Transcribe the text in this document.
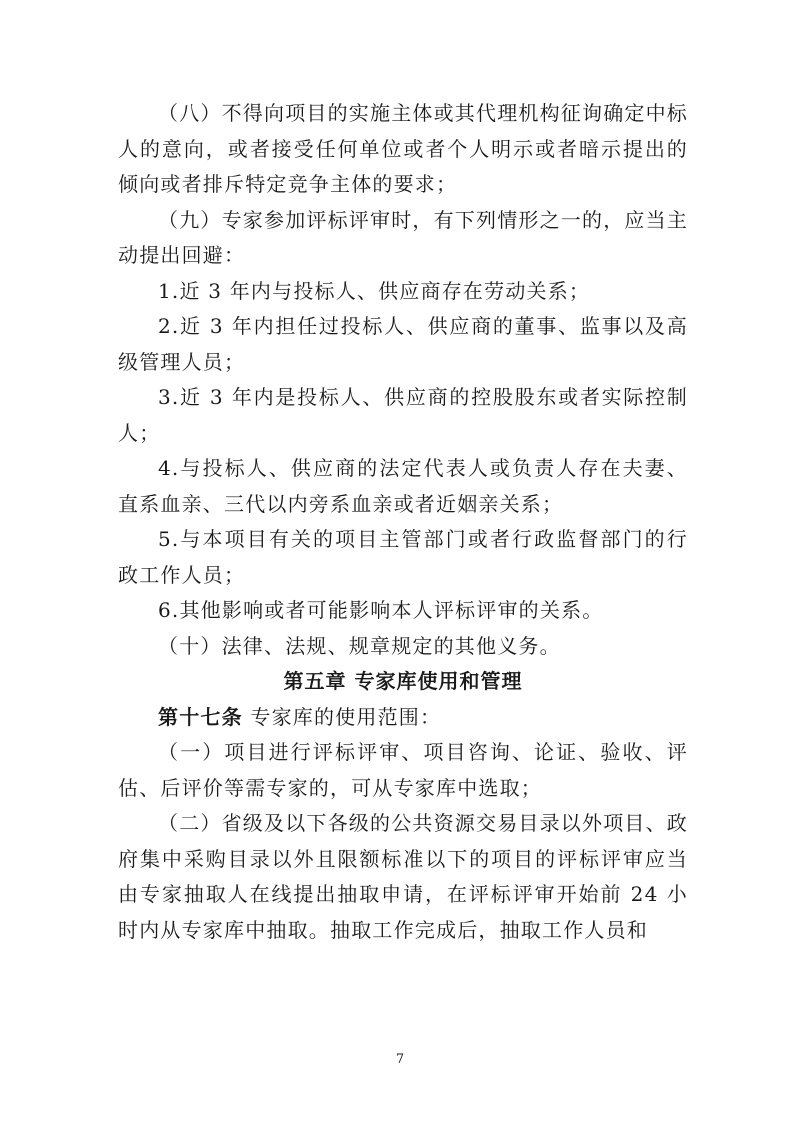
（八）不得向项目的实施主体或其代理机构征询确定中标人的意向，或者接受任何单位或者个人明示或者暗示提出的倾向或者排斥特定竞争主体的要求；

（九）专家参加评标评审时，有下列情形之一的，应当主动提出回避：

1.近 3 年内与投标人、供应商存在劳动关系；

2.近 3 年内担任过投标人、供应商的董事、监事以及高级管理人员；

3.近 3 年内是投标人、供应商的控股股东或者实际控制人；

4.与投标人、供应商的法定代表人或负责人存在夫妻、直系血亲、三代以内旁系血亲或者近姻亲关系；

5.与本项目有关的项目主管部门或者行政监督部门的行政工作人员；

6.其他影响或者可能影响本人评标评审的关系。

（十）法律、法规、规章规定的其他义务。

第五章 专家库使用和管理

第十七条 专家库的使用范围：

（一）项目进行评标评审、项目咨询、论证、验收、评估、后评价等需专家的，可从专家库中选取；

（二）省级及以下各级的公共资源交易目录以外项目、政府集中采购目录以外且限额标准以下的项目的评标评审应当由专家抽取人在线提出抽取申请，在评标评审开始前 24 小时内从专家库中抽取。抽取工作完成后，抽取工作人员和

7
